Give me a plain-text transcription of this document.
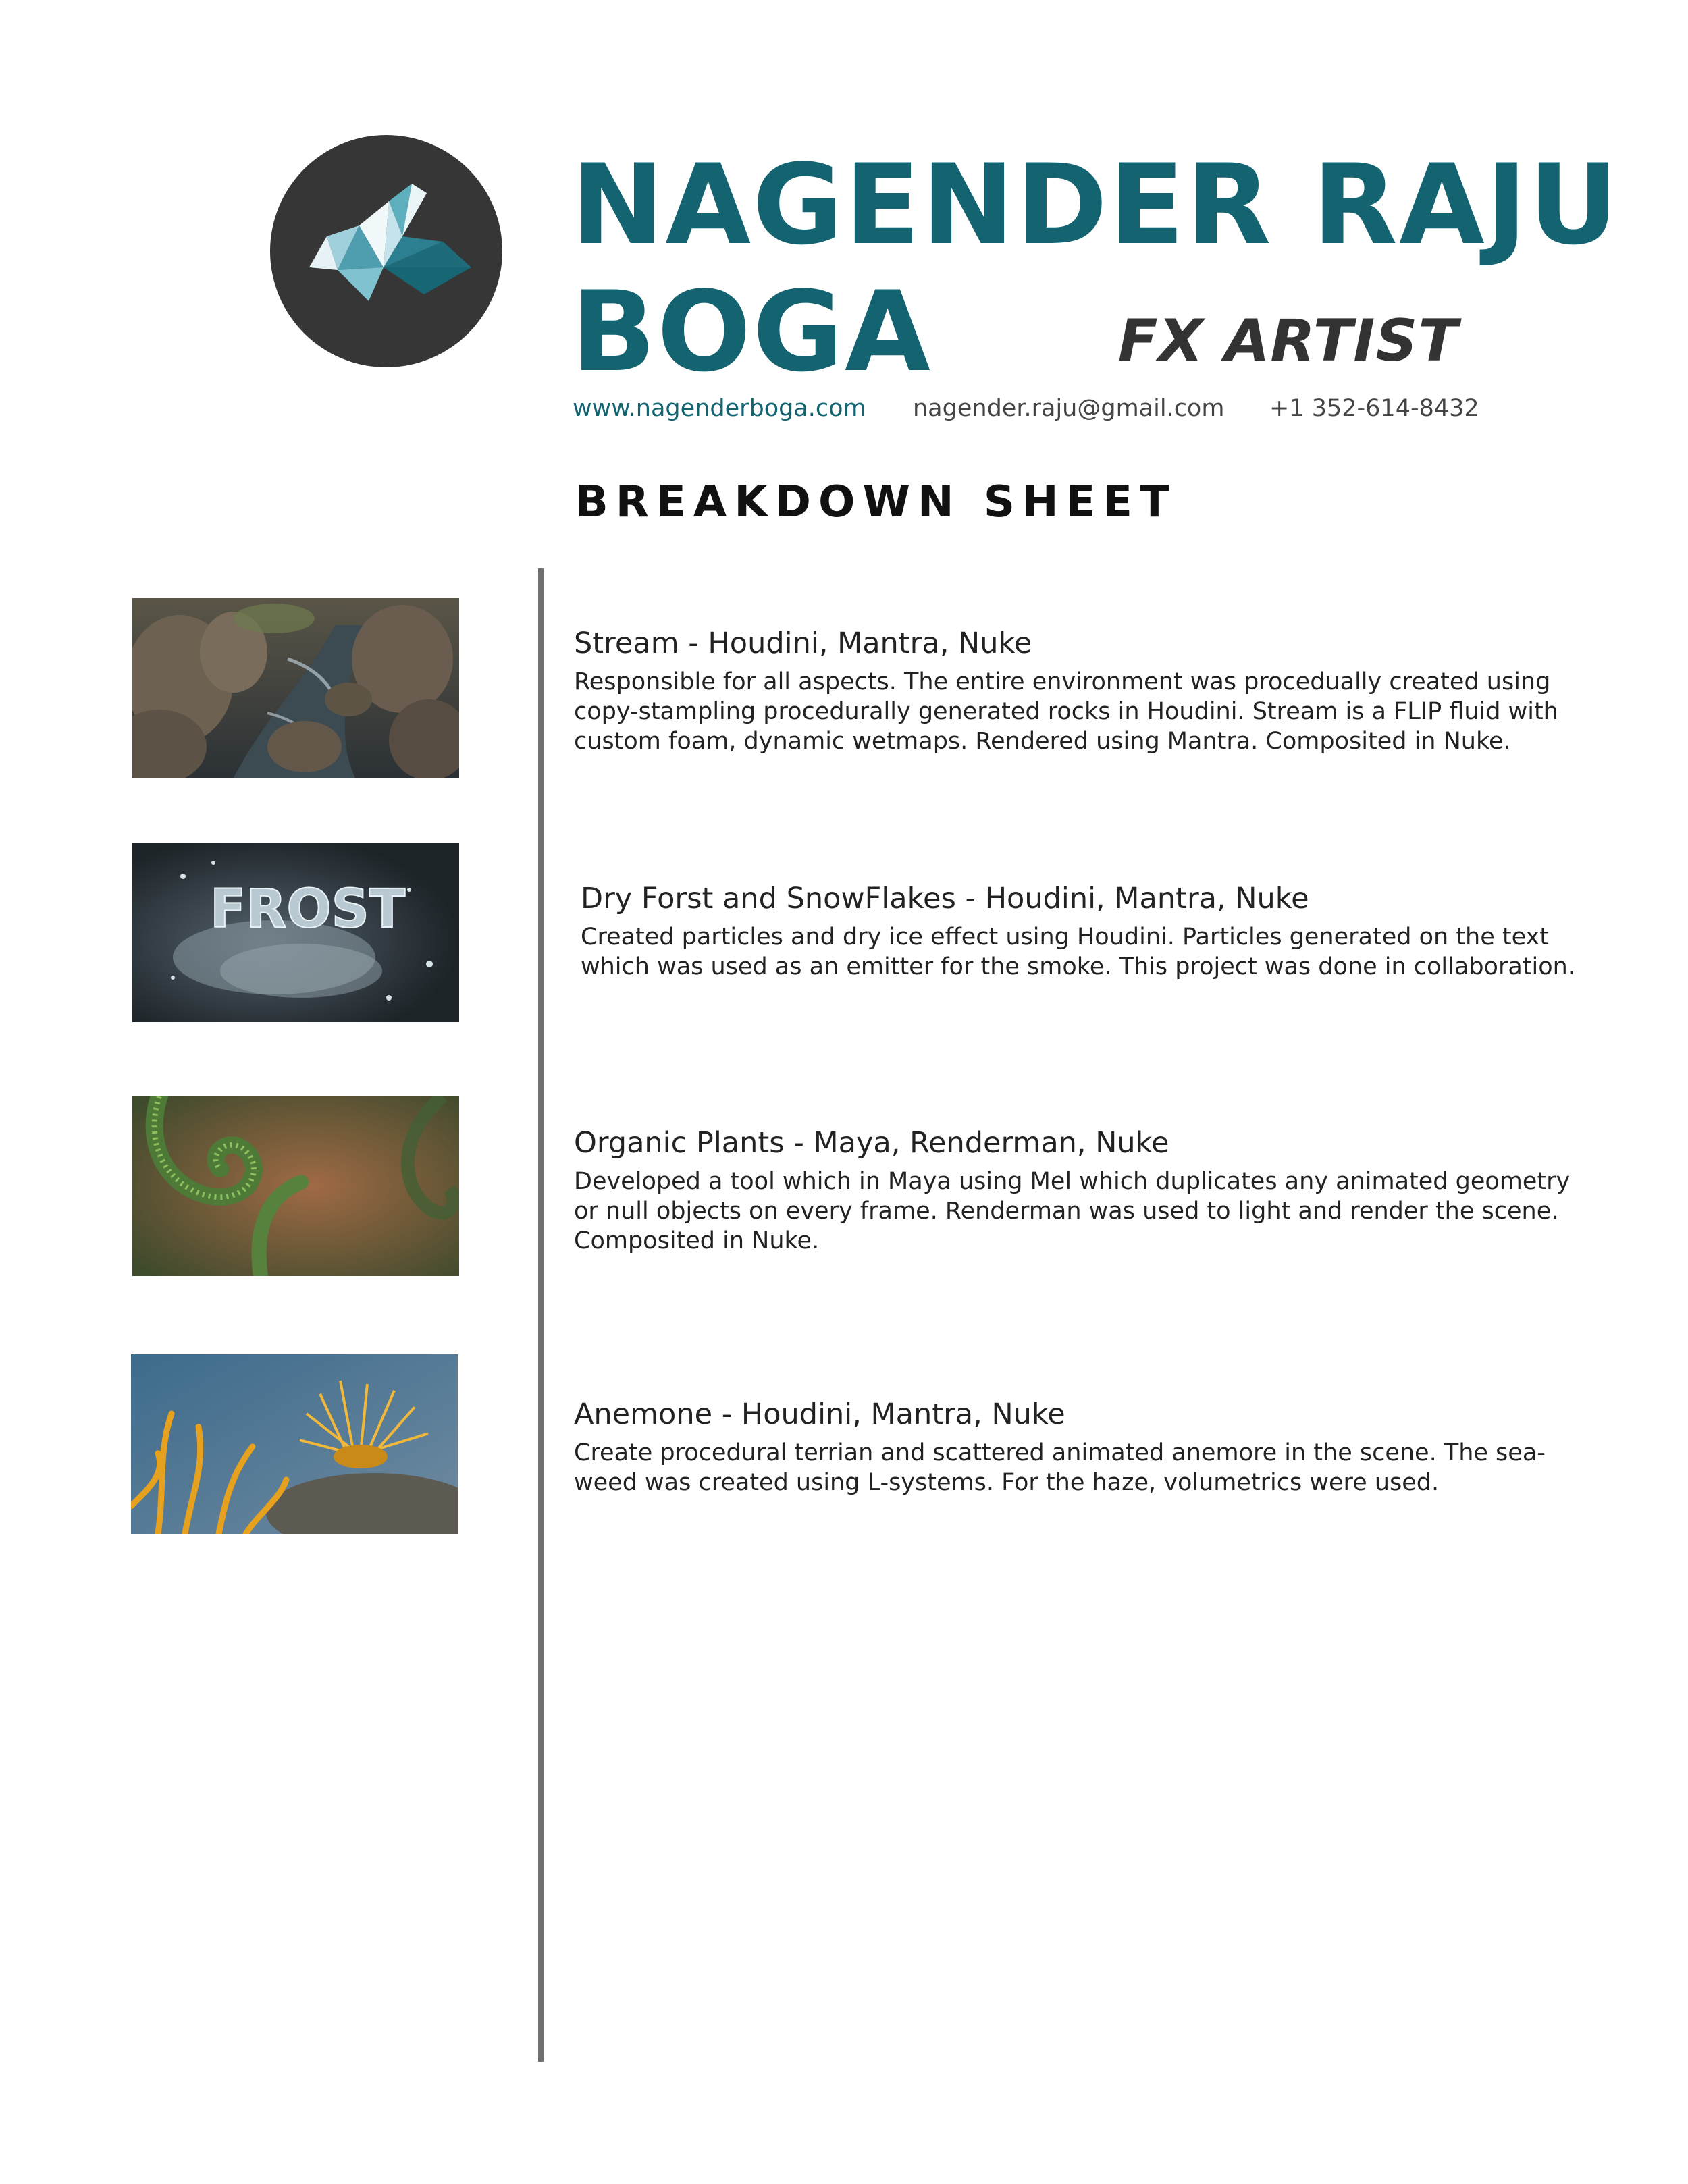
NAGENDER RAJU
BOGA	FX ARTIST
www.nagenderboga.com nagender.raju@gmail.com +1 352-614-8432
BREAKDOWN SHEET
Stream - Houdini, Mantra, Nuke
Responsible for all aspects. The entire environment was procedually created using
copy-stampling procedurally generated rocks in Houdini. Stream is a FLIP fluid with
custom foam, dynamic wetmaps. Rendered using Mantra. Composited in Nuke.
FROST	Dry Forst and SnowFlakes - Houdini, Mantra, Nuke
Created particles and dry ice effect using Houdini. Particles generated on the text
which was used as an emitter for the smoke. This project was done in collaboration.
Organic Plants - Maya, Renderman, Nuke
Developed a tool which in Maya using Mel which duplicates any animated geometry
or null objects on every frame. Renderman was used to light and render the scene.
Composited in Nuke.
Anemone - Houdini, Mantra, Nuke
Create procedural terrian and scattered animated anemore in the scene. The sea-
weed was created using L-systems. For the haze, volumetrics were used.
